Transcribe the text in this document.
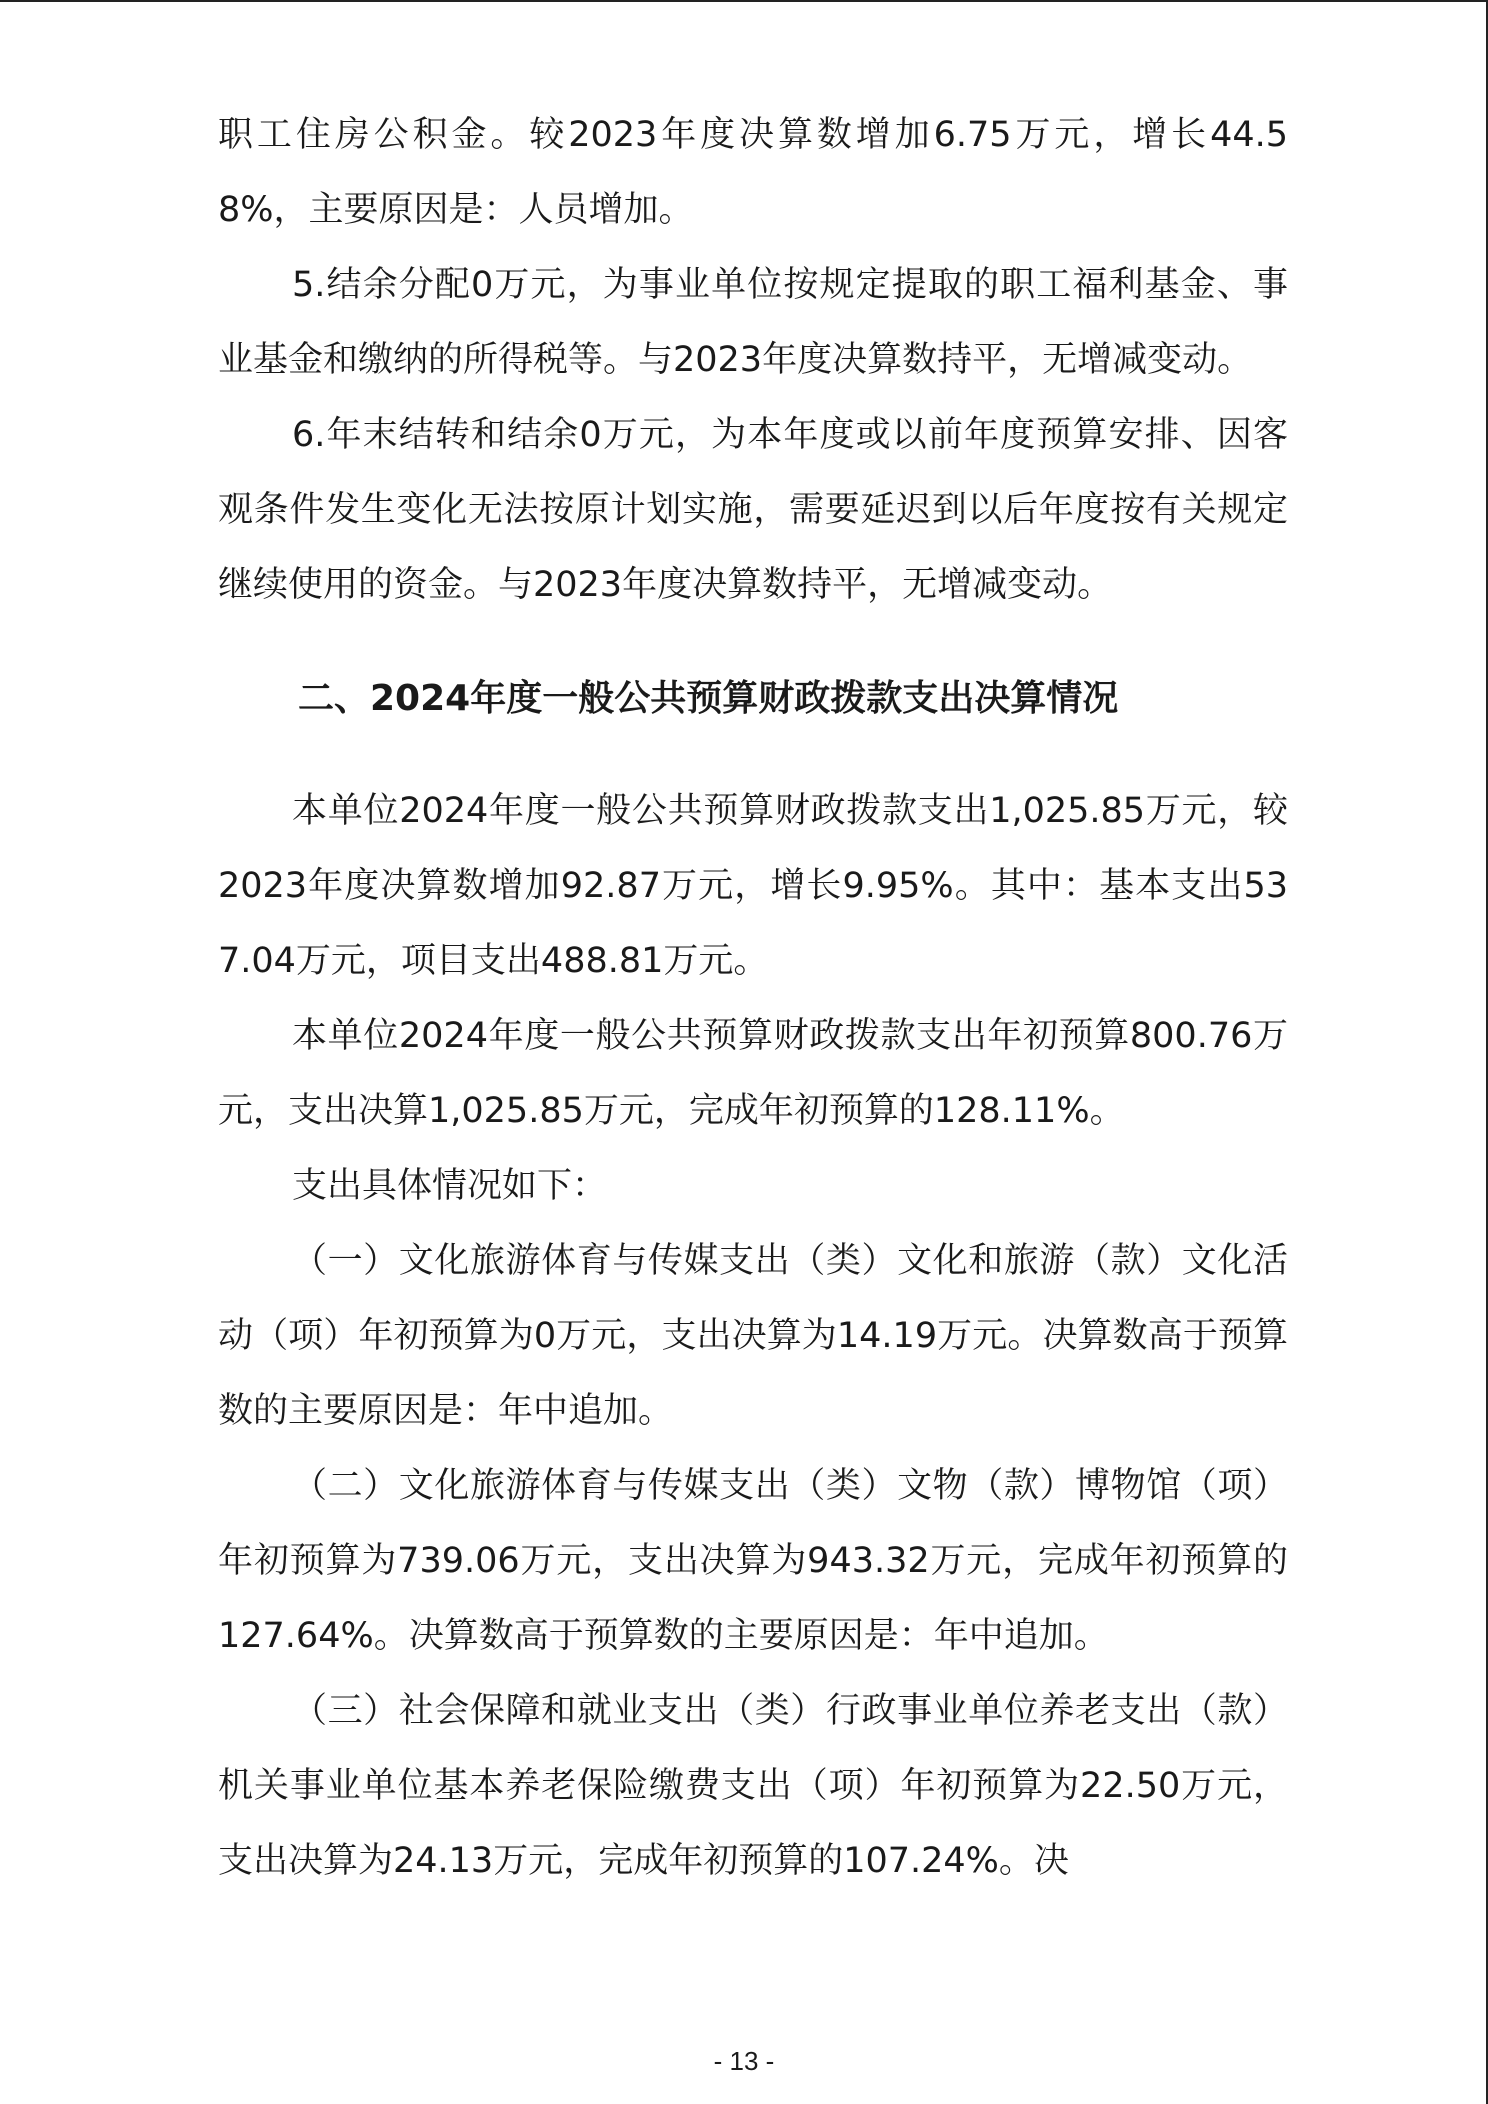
职工住房公积金。较2023年度决算数增加6.75万元，增长44.58%，主要原因是：人员增加。

5.结余分配0万元，为事业单位按规定提取的职工福利基金、事业基金和缴纳的所得税等。与2023年度决算数持平，无增减变动。

6.年末结转和结余0万元，为本年度或以前年度预算安排、因客观条件发生变化无法按原计划实施，需要延迟到以后年度按有关规定继续使用的资金。与2023年度决算数持平，无增减变动。

二、2024年度一般公共预算财政拨款支出决算情况

本单位2024年度一般公共预算财政拨款支出1,025.85万元，较2023年度决算数增加92.87万元，增长9.95%。其中：基本支出537.04万元，项目支出488.81万元。

本单位2024年度一般公共预算财政拨款支出年初预算800.76万元，支出决算1,025.85万元，完成年初预算的128.11%。

支出具体情况如下：

（一）文化旅游体育与传媒支出（类）文化和旅游（款）文化活动（项）年初预算为0万元，支出决算为14.19万元。决算数高于预算数的主要原因是：年中追加。

（二）文化旅游体育与传媒支出（类）文物（款）博物馆（项）年初预算为739.06万元，支出决算为943.32万元，完成年初预算的127.64%。决算数高于预算数的主要原因是：年中追加。

（三）社会保障和就业支出（类）行政事业单位养老支出（款）机关事业单位基本养老保险缴费支出（项）年初预算为22.50万元，支出决算为24.13万元，完成年初预算的107.24%。决

- 13 -
